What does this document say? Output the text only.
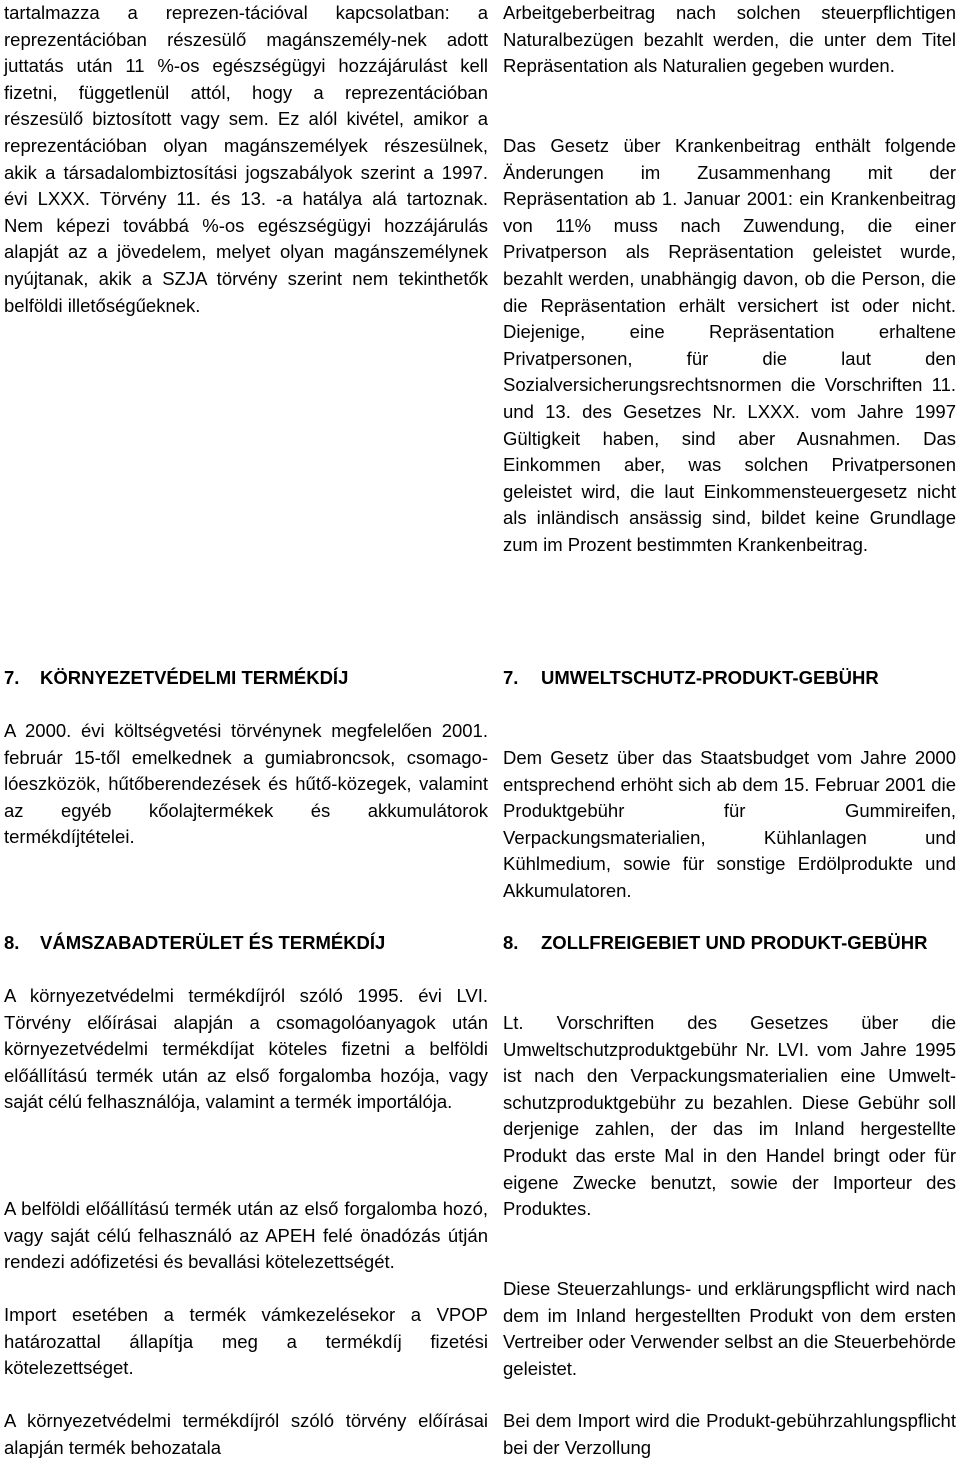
tartalmazza a reprezen-tációval kapcsolatban: a reprezentációban részesülő magánszemély-nek adott juttatás után 11 %-os egészségügyi hozzájárulást kell fizetni, függetlenül attól, hogy a reprezentációban részesülő biztosított vagy sem. Ez alól kivétel, amikor a reprezentációban olyan magánszemélyek részesülnek, akik a társadalombiztosítási jogszabályok szerint a 1997. évi LXXX. Törvény 11. és 13. -a hatálya alá tartoznak. Nem képezi továbbá %-os egészségügyi hozzájárulás alapját az a jövedelem, melyet olyan magánszemélynek nyújtanak, akik a SZJA törvény szerint nem tekinthetők belföldi illetőségűeknek.

7. KÖRNYEZETVÉDELMI TERMÉKDÍJ

A 2000. évi költségvetési törvénynek megfelelően 2001. február 15-től emelkednek a gumiabroncsok, csomago-lóeszközök, hűtőberendezések és hűtő-közegek, valamint az egyéb kőolajtermékek és akkumulátorok termékdíjtételei.

8. VÁMSZABADTERÜLET ÉS TERMÉKDÍJ

A környezetvédelmi termékdíjról szóló 1995. évi LVI. Törvény előírásai alapján a csomagolóanyagok után környezetvédelmi termékdíjat köteles fizetni a belföldi előállítású termék után az első forgalomba hozója, vagy saját célú felhasználója, valamint a termék importálója.

A belföldi előállítású termék után az első forgalomba hozó, vagy saját célú felhasználó az APEH felé önadózás útján rendezi adófizetési és bevallási kötelezettségét.

Import esetében a termék vámkezelésekor a VPOP határozattal állapítja meg a termékdíj fizetési kötelezettséget.

A környezetvédelmi termékdíjról szóló törvény előírásai alapján termék behozatala

Arbeitgeberbeitrag nach solchen steuerpflichtigen Naturalbezügen bezahlt werden, die unter dem Titel Repräsentation als Naturalien gegeben wurden.

Das Gesetz über Krankenbeitrag enthält folgende Änderungen im Zusammenhang mit der Repräsentation ab 1. Januar 2001: ein Krankenbeitrag von 11% muss nach Zuwendung, die einer Privatperson als Repräsentation geleistet wurde, bezahlt werden, unabhängig davon, ob die Person, die die Repräsentation erhält versichert ist oder nicht. Diejenige, eine Repräsentation erhaltene Privatpersonen, für die laut den Sozialversicherungsrechtsnormen die Vorschriften 11. und 13. des Gesetzes Nr. LXXX. vom Jahre 1997 Gültigkeit haben, sind aber Ausnahmen. Das Einkommen aber, was solchen Privatpersonen geleistet wird, die laut Einkommensteuergesetz nicht als inländisch ansässig sind, bildet keine Grundlage zum im Prozent bestimmten Krankenbeitrag.

7.	UMWELTSCHUTZ-PRODUKT-GEBÜHR

Dem Gesetz über das Staatsbudget vom Jahre 2000 entsprechend erhöht sich ab dem 15. Februar 2001 die Produktgebühr für Gummireifen, Verpackungsmaterialien, Kühlanlagen und Kühlmedium, sowie für sonstige Erdölprodukte und Akkumulatoren.

8.	ZOLLFREIGEBIET UND PRODUKT-GEBÜHR

Lt. Vorschriften des Gesetzes über die Umweltschutzproduktgebühr Nr. LVI. vom Jahre 1995 ist nach den Verpackungsmaterialien eine Umwelt-schutzproduktgebühr zu bezahlen. Diese Gebühr soll derjenige zahlen, der das im Inland hergestellte Produkt das erste Mal in den Handel bringt oder für eigene Zwecke benutzt, sowie der Importeur des Produktes.

Diese Steuerzahlungs- und erklärungspflicht wird nach dem im Inland hergestellten Produkt von dem ersten Vertreiber oder Verwender selbst an die Steuerbehörde geleistet.

Bei dem Import wird die Produkt-gebührzahlungspflicht bei der Verzollung
